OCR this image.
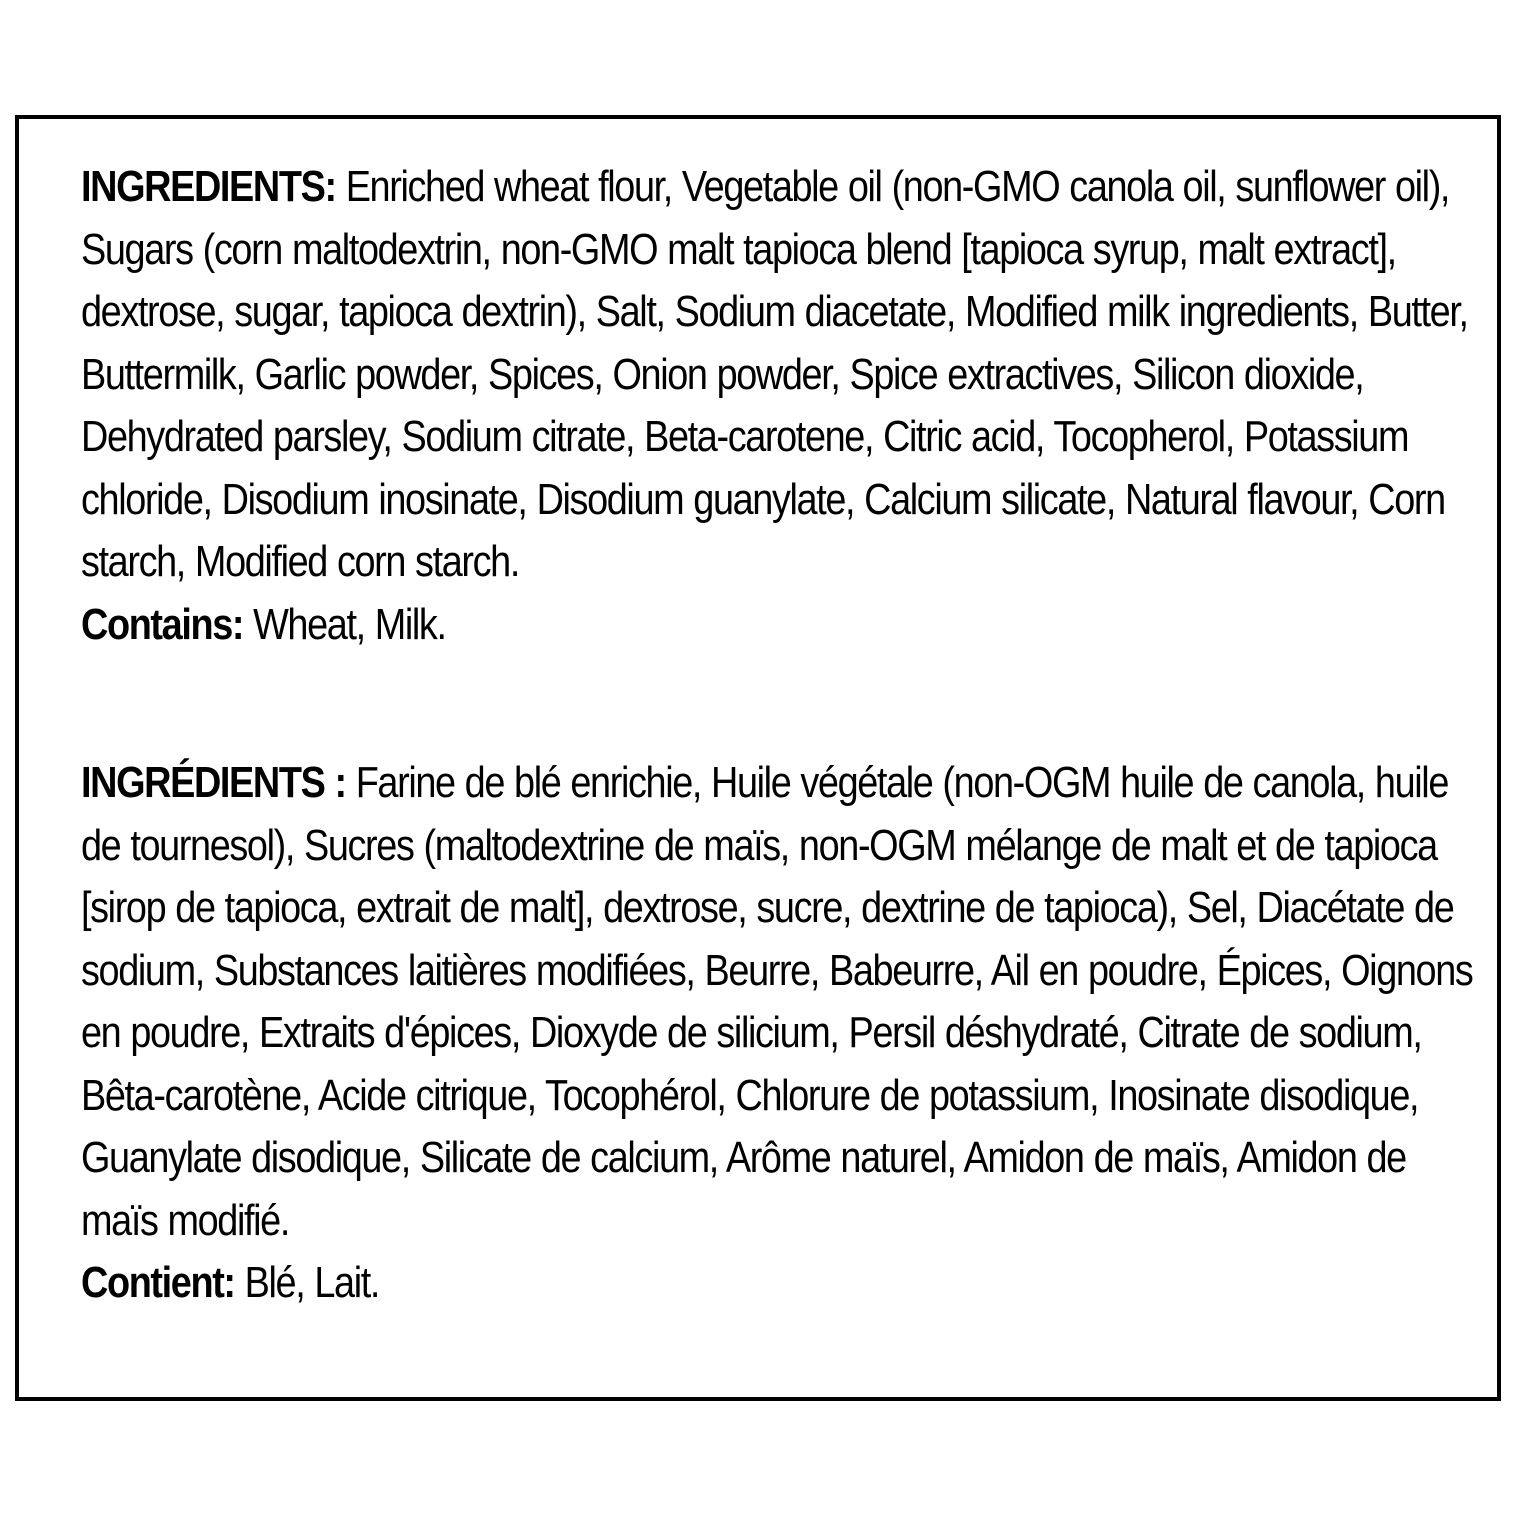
INGREDIENTS: Enriched wheat flour, Vegetable oil (non-GMO canola oil, sunflower oil), Sugars (corn maltodextrin, non-GMO malt tapioca blend [tapioca syrup, malt extract], dextrose, sugar, tapioca dextrin), Salt, Sodium diacetate, Modified milk ingredients, Butter, Buttermilk, Garlic powder, Spices, Onion powder, Spice extractives, Silicon dioxide, Dehydrated parsley, Sodium citrate, Beta-carotene, Citric acid, Tocopherol, Potassium chloride, Disodium inosinate, Disodium guanylate, Calcium silicate, Natural flavour, Corn starch, Modified corn starch.

Contains: Wheat, Milk.

INGRÉDIENTS : Farine de blé enrichie, Huile végétale (non-OGM huile de canola, huile de tournesol), Sucres (maltodextrine de maïs, non-OGM mélange de malt et de tapioca [sirop de tapioca, extrait de malt], dextrose, sucre, dextrine de tapioca), Sel, Diacétate de sodium, Substances laitières modifiées, Beurre, Babeurre, Ail en poudre, Épices, Oignons en poudre, Extraits d'épices, Dioxyde de silicium, Persil déshydraté, Citrate de sodium, Bêta-carotène, Acide citrique, Tocophérol, Chlorure de potassium, Inosinate disodique, Guanylate disodique, Silicate de calcium, Arôme naturel, Amidon de maïs, Amidon de maïs modifié.

Contient: Blé, Lait.
